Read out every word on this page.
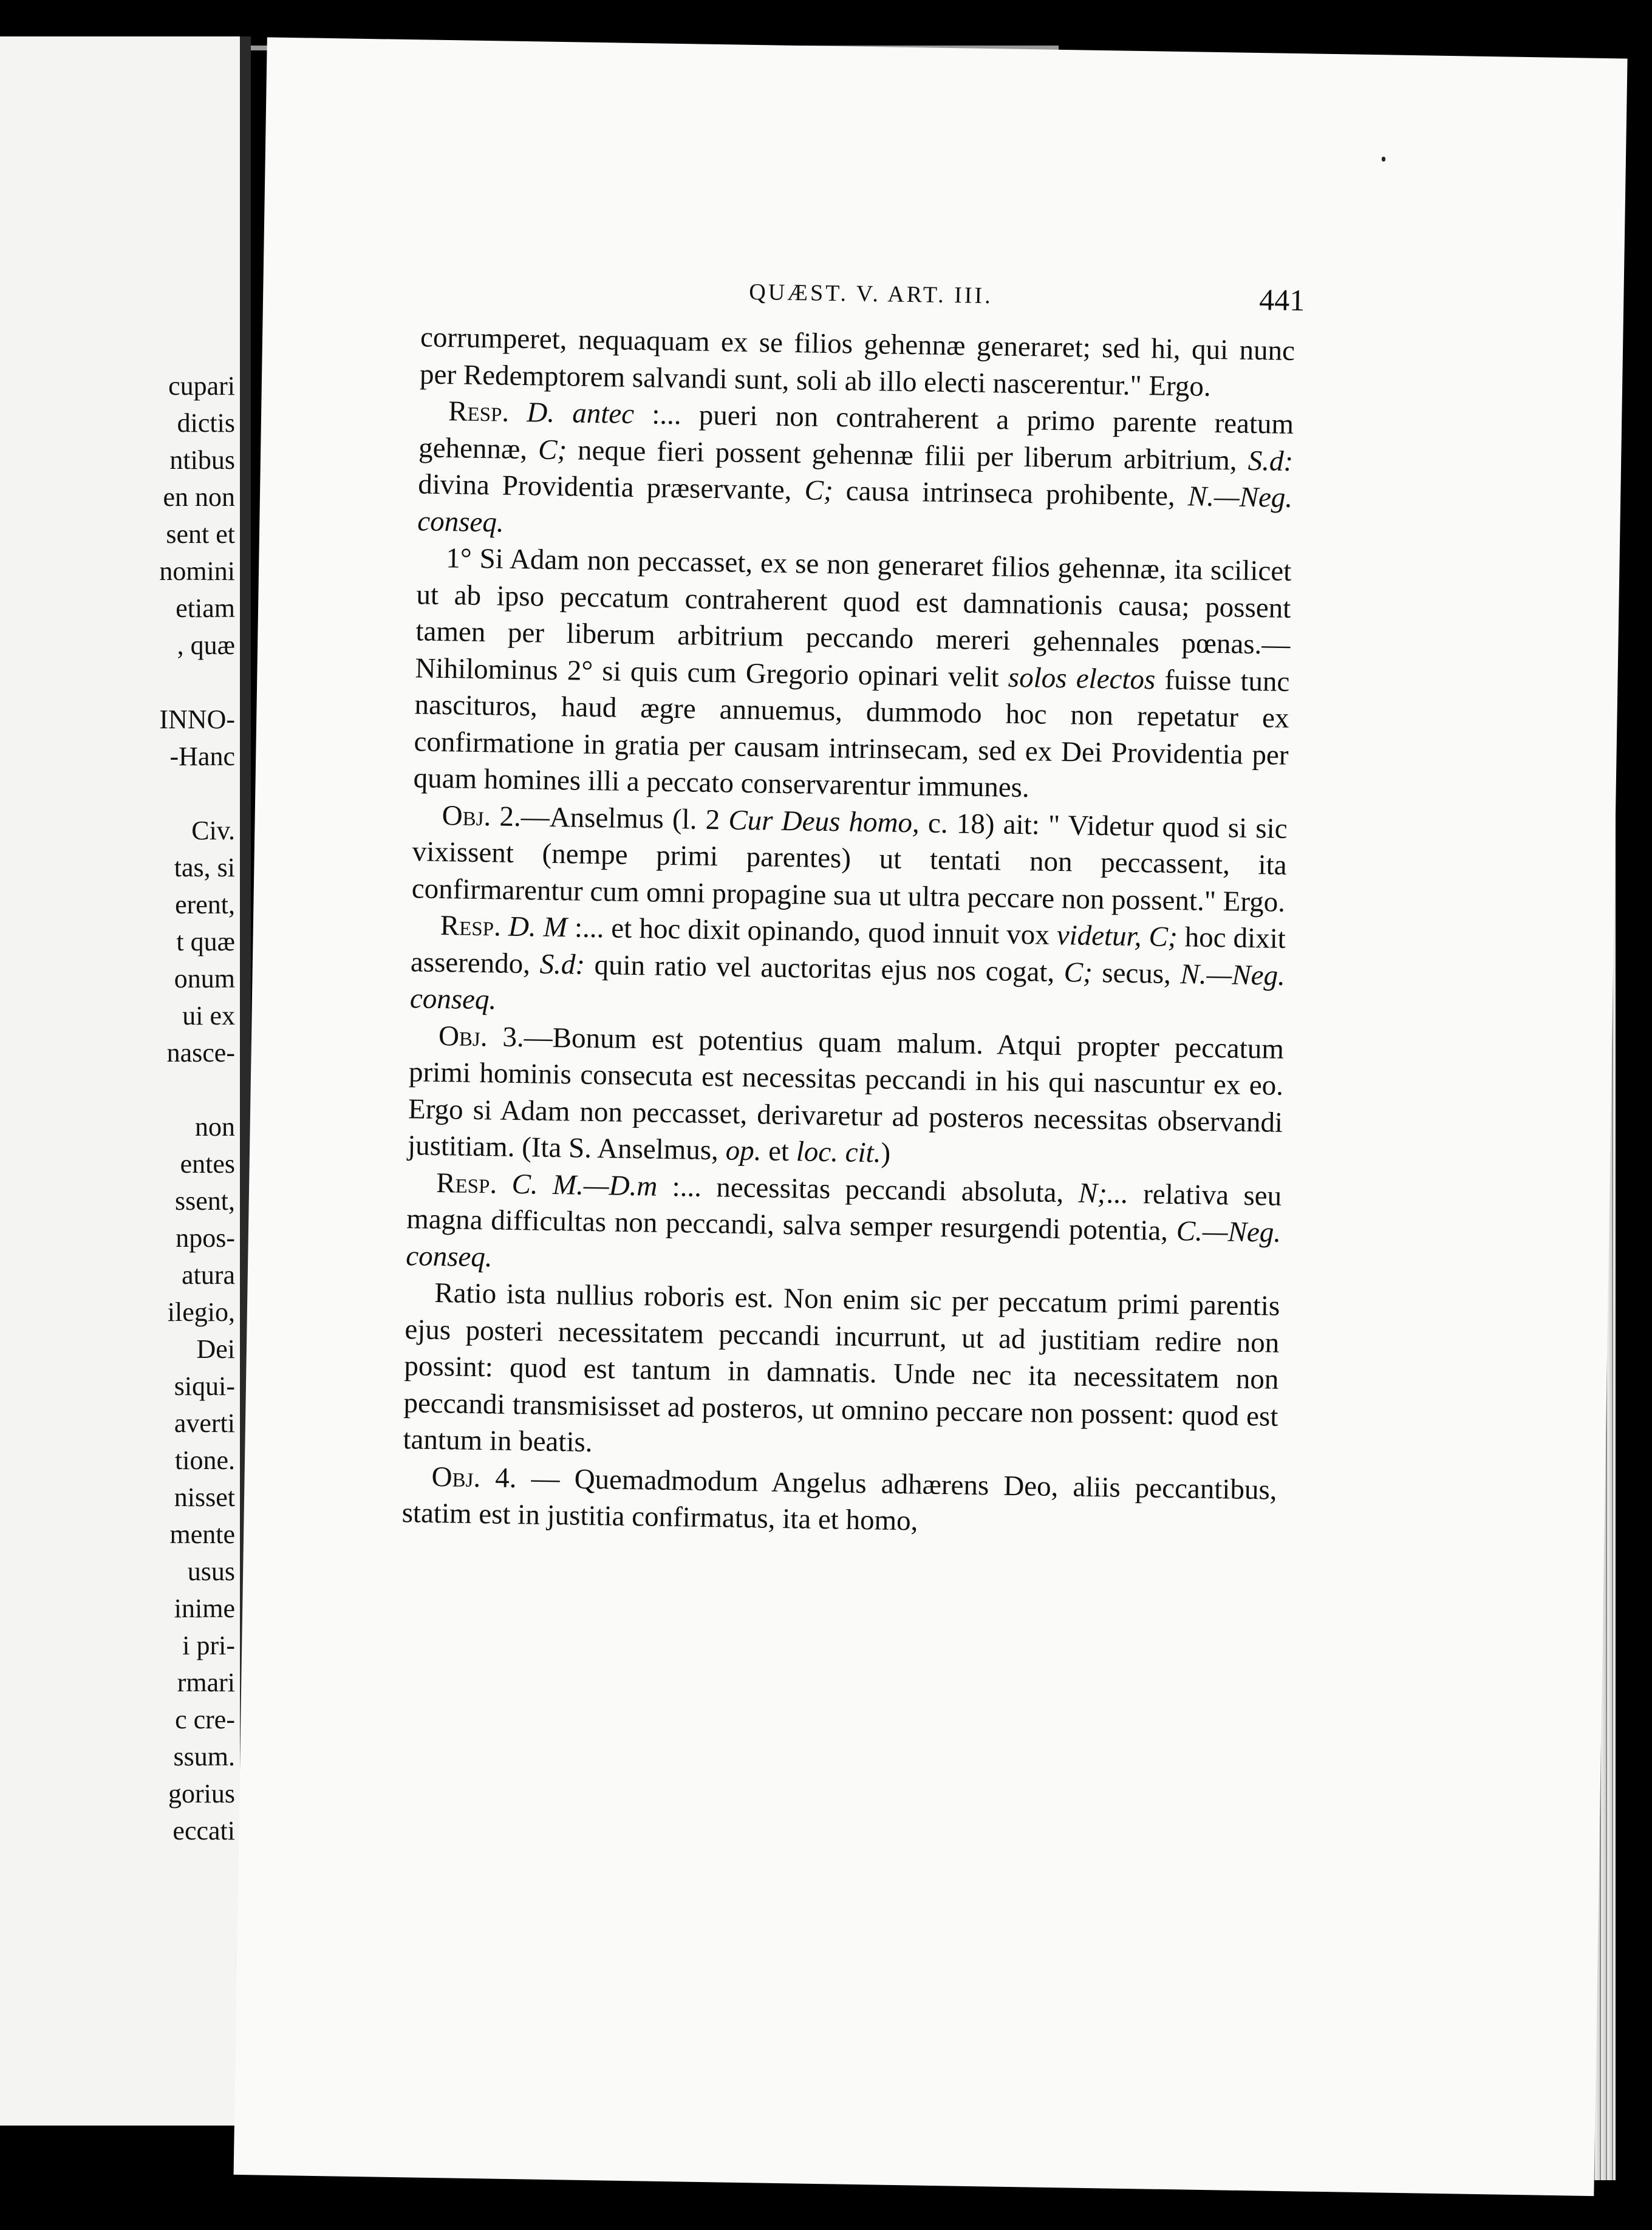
cupari
dictis
ntibus
en non
sent et
nomini
etiam
, quæ
INNO-
-Hanc
Civ.
tas, si
erent,
t quæ
onum
ui ex
nasce-
non
entes
ssent,
npos-
atura
ilegio,
Dei
siqui-
averti
tione.
nisset
mente
usus
inime
i pri-
rmari
c cre-
ssum.
gorius
eccati
QUÆST. V. ART. III.	441

corrumperet, nequaquam ex se filios gehennæ generaret; sed hi, qui nunc per Redemptorem salvandi sunt, soli ab illo electi nascerentur." Ergo.

Resp. D. antec :... pueri non contraherent a primo parente reatum gehennæ, C; neque fieri possent gehennæ filii per liberum arbitrium, S.d: divina Providentia præservante, C; causa intrinseca prohibente, N.—Neg. conseq.

1° Si Adam non peccasset, ex se non generaret filios gehennæ, ita scilicet ut ab ipso peccatum contraherent quod est damnationis causa; possent tamen per liberum arbitrium peccando mereri gehennales pœnas.—Nihilominus 2° si quis cum Gregorio opinari velit solos electos fuisse tunc nascituros, haud ægre annuemus, dummodo hoc non repetatur ex confirmatione in gratia per causam intrinsecam, sed ex Dei Providentia per quam homines illi a peccato conservarentur immunes.

Obj. 2.—Anselmus (l. 2 Cur Deus homo, c. 18) ait: " Videtur quod si sic vixissent (nempe primi parentes) ut tentati non peccassent, ita confirmarentur cum omni propagine sua ut ultra peccare non possent." Ergo.

Resp. D. M :... et hoc dixit opinando, quod innuit vox videtur, C; hoc dixit asserendo, S.d: quin ratio vel auctoritas ejus nos cogat, C; secus, N.—Neg. conseq.

Obj. 3.—Bonum est potentius quam malum. Atqui propter peccatum primi hominis consecuta est necessitas peccandi in his qui nascuntur ex eo. Ergo si Adam non peccasset, derivaretur ad posteros necessitas observandi justitiam. (Ita S. Anselmus, op. et loc. cit.)

Resp. C. M.—D.m :... necessitas peccandi absoluta, N;... relativa seu magna difficultas non peccandi, salva semper resurgendi potentia, C.—Neg. conseq.

Ratio ista nullius roboris est. Non enim sic per peccatum primi parentis ejus posteri necessitatem peccandi incurrunt, ut ad justitiam redire non possint: quod est tantum in damnatis. Unde nec ita necessitatem non peccandi transmisisset ad posteros, ut omnino peccare non possent: quod est tantum in beatis.

Obj. 4. — Quemadmodum Angelus adhærens Deo, aliis peccantibus, statim est in justitia confirmatus, ita et homo,
